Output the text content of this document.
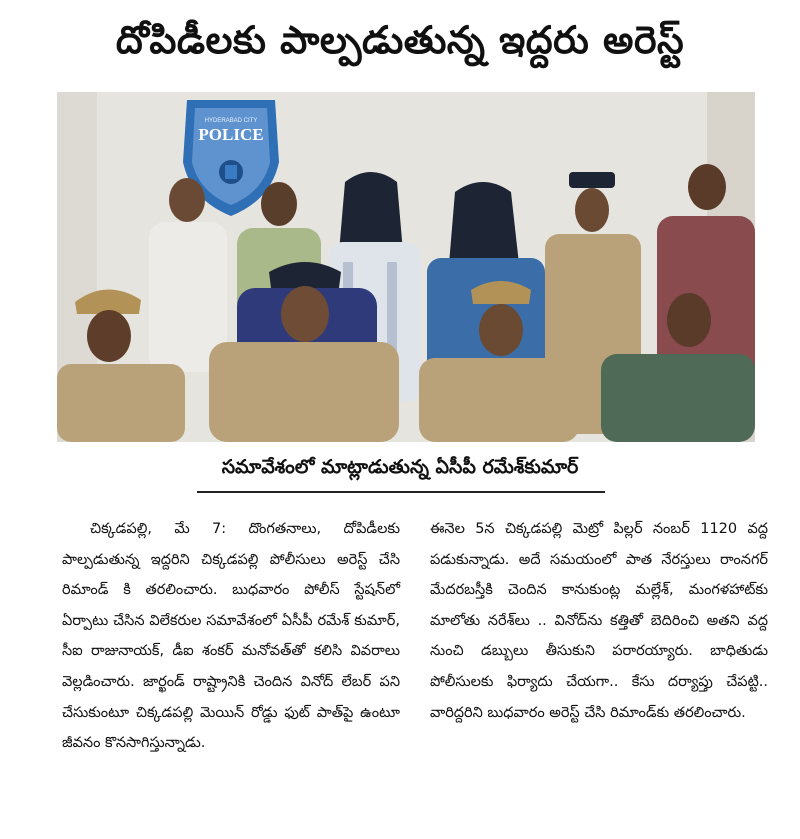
దోపిడీలకు పాల్పడుతున్న ఇద్దరు అరెస్ట్
POLICE
HYDERABAD CITY
సమావేశంలో మాట్లాడుతున్న ఏసీపీ రమేశ్‌కుమార్

చిక్కడపల్లి, మే 7: దొంగతనాలు, దోపిడీలకు పాల్పడుతున్న ఇద్దరిని చిక్కడపల్లి పోలీసులు అరెస్ట్ చేసి రిమాండ్ కి తరలించారు. బుధవారం పోలీస్ స్టేషన్‌లో ఏర్పాటు చేసిన విలేకరుల సమావేశంలో ఏసీపీ రమేశ్ కుమార్, సీఐ రాజునాయక్, డీఐ శంకర్ మనోవత్‌తో కలిసి వివరాలు వెల్లడించారు. జార్ఖండ్ రాష్ట్రానికి చెందిన వినోద్ లేబర్ పని చేసుకుంటూ చిక్కడపల్లి మెయిన్ రోడ్డు ఫుట్ పాత్‌పై ఉంటూ జీవనం కొనసాగిస్తున్నాడు.

ఈనెల 5న చిక్కడపల్లి మెట్రో పిల్లర్ నంబర్ 1120 వద్ద పడుకున్నాడు. అదే సమయంలో పాత నేరస్తులు రాంనగర్ మేదరబస్తీకి చెందిన కానుకుంట్ల మల్లేశ్, మంగళహాట్‌కు మాలోతు నరేశ్‌లు .. వినోద్‌ను కత్తితో బెదిరించి అతని వద్ద నుంచి డబ్బులు తీసుకుని పరారయ్యారు. బాధితుడు పోలీసులకు ఫిర్యాదు చేయగా.. కేసు దర్యాప్తు చేపట్టి.. వారిద్దరిని బుధవారం అరెస్ట్ చేసి రిమాండ్‌కు తరలించారు.
